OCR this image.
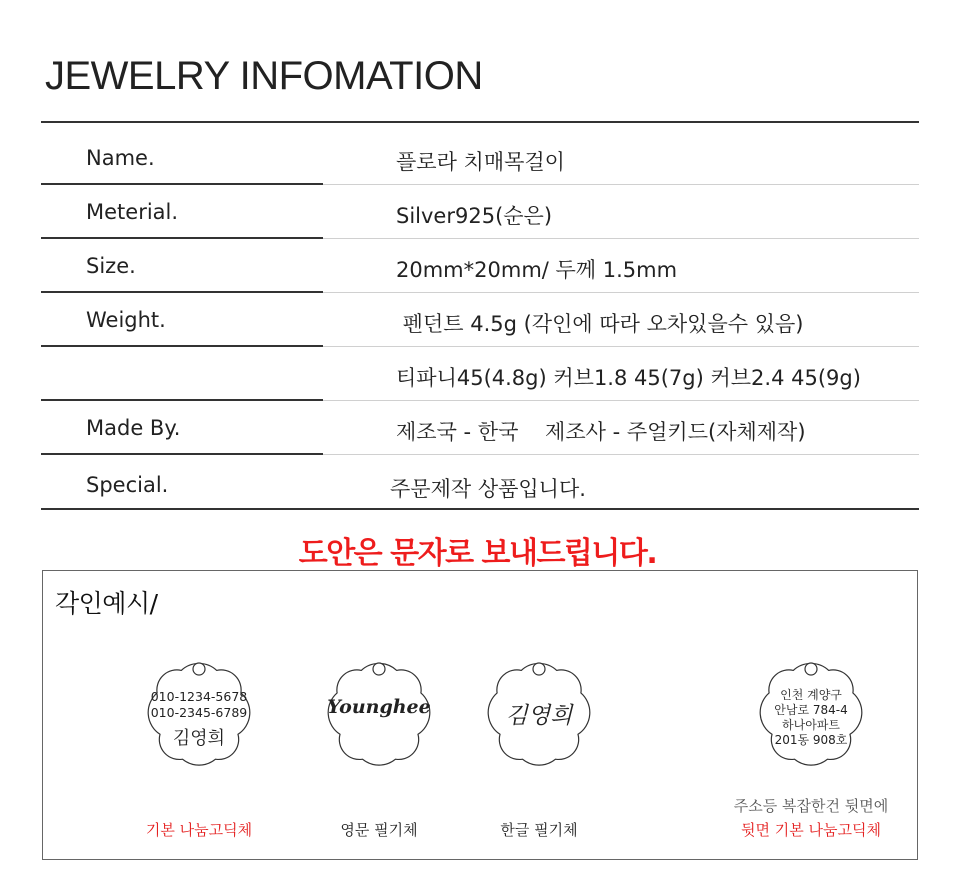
JEWELRY INFOMATION
Name.	플로라 치매목걸이
Meterial.	Silver925(순은)
Size.	20mm*20mm/ 두께 1.5mm
Weight.	펜던트 4.5g (각인에 따라 오차있을수 있음)
티파니45(4.8g) 커브1.8 45(7g) 커브2.4 45(9g)
Made By.	제조국 - 한국    제조사 - 주얼키드(자체제작)
Special.	주문제작 상품입니다.
도안은 문자로 보내드립니다.
각인예시/
010-1234-5678
010-2345-6789
김영희
기본 나눔고딕체
Younghee
영문 필기체
김영희
한글 필기체
인천 계양구
안남로 784-4
하나아파트
201동 908호
주소등 복잡한건 뒷면에
뒷면 기본 나눔고딕체
